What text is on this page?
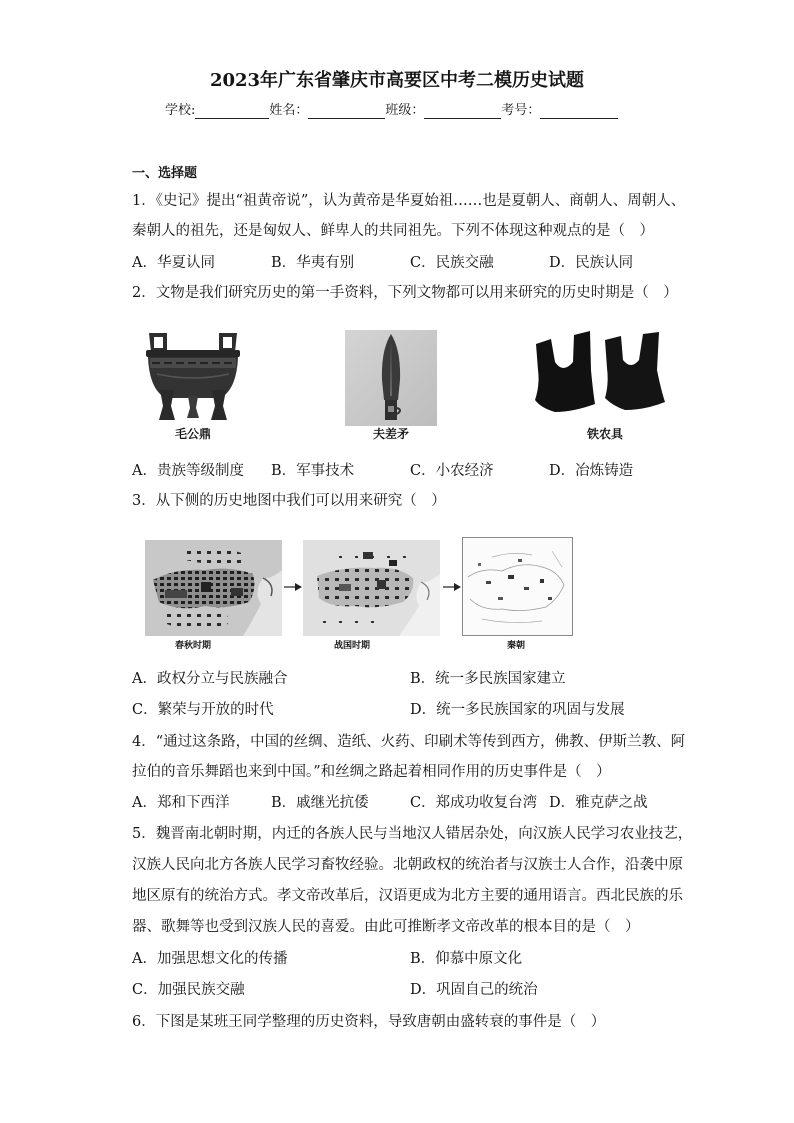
2023年广东省肇庆市高要区中考二模历史试题
学校:	姓名：	班级：	考号：
一、选择题
1．《史记》提出“祖黄帝说”，认为黄帝是华夏始祖……也是夏朝人、商朝人、周朝人、
秦朝人的祖先，还是匈奴人、鲜卑人的共同祖先。下列不体现这种观点的是（　）
A．华夏认同	B．华夷有别	C．民族交融	D．民族认同
2．文物是我们研究历史的第一手资料，下列文物都可以用来研究的历史时期是（　）
毛公鼎	夫差矛	铁农具
A．贵族等级制度 B．军事技术	C．小农经济	D．冶炼铸造
3．从下侧的历史地图中我们可以用来研究（　）
春秋时期	战国时期	秦朝
A．政权分立与民族融合	B．统一多民族国家建立
C．繁荣与开放的时代	D．统一多民族国家的巩固与发展
4．“通过这条路，中国的丝绸、造纸、火药、印刷术等传到西方，佛教、伊斯兰教、阿
拉伯的音乐舞蹈也来到中国。”和丝绸之路起着相同作用的历史事件是（　）
A．郑和下西洋	B．戚继光抗倭	C．郑成功收复台湾 D．雅克萨之战
5．魏晋南北朝时期，内迁的各族人民与当地汉人错居杂处，向汉族人民学习农业技艺，
汉族人民向北方各族人民学习畜牧经验。北朝政权的统治者与汉族士人合作，沿袭中原
地区原有的统治方式。孝文帝改革后，汉语更成为北方主要的通用语言。西北民族的乐
器、歌舞等也受到汉族人民的喜爱。由此可推断孝文帝改革的根本目的是（　）
A．加强思想文化的传播	B．仰慕中原文化
C．加强民族交融	D．巩固自己的统治
6．下图是某班王同学整理的历史资料，导致唐朝由盛转衰的事件是（　）
